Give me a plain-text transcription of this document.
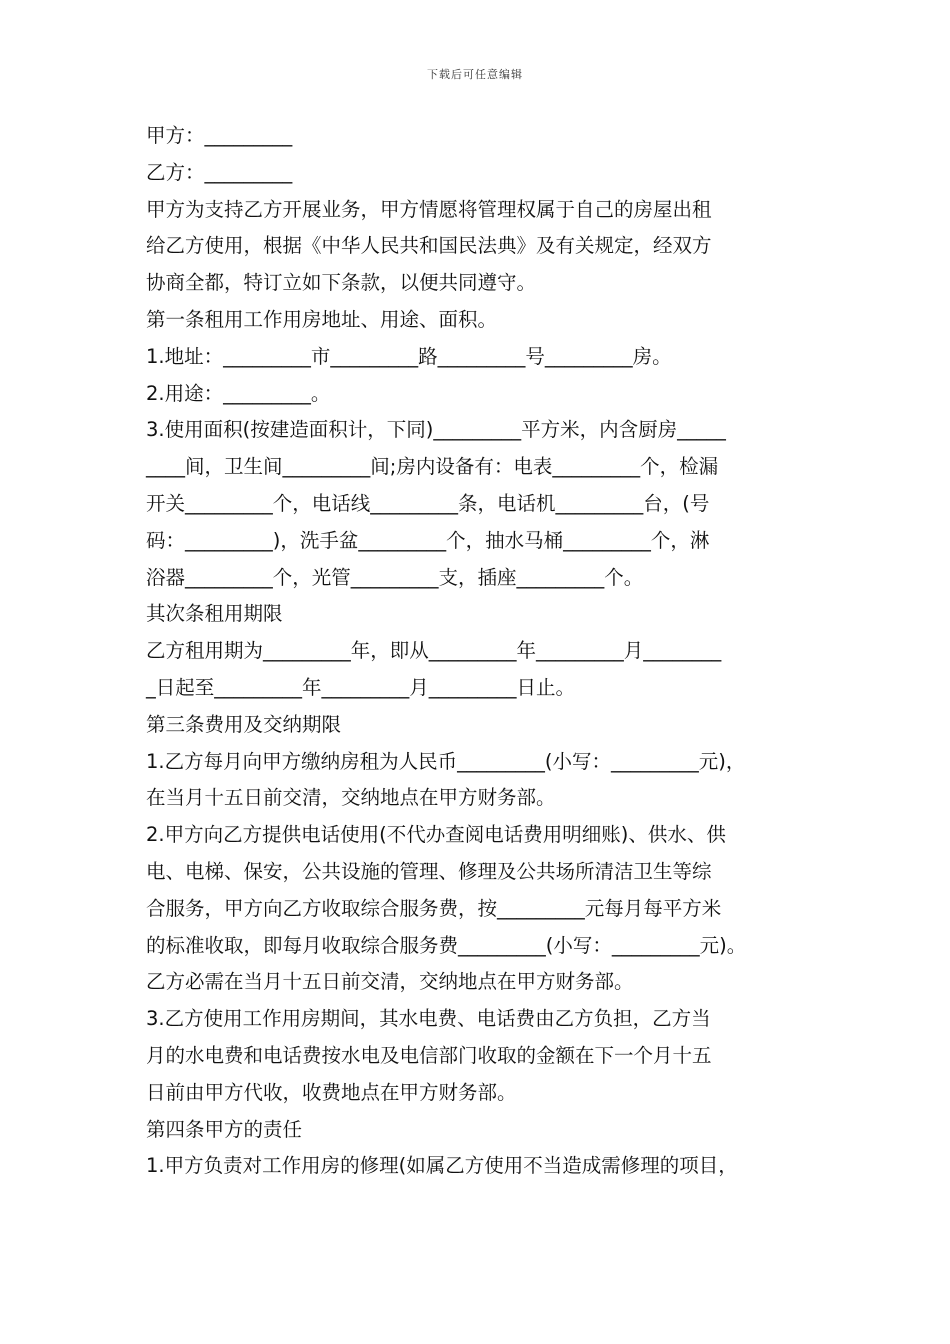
下载后可任意编辑
甲方：_________
乙方：_________
甲方为支持乙方开展业务，甲方情愿将管理权属于自己的房屋出租
给乙方使用，根据《中华人民共和国民法典》及有关规定，经双方
协商全都，特订立如下条款，以便共同遵守。
第一条租用工作用房地址、用途、面积。
1.地址：_________市_________路_________号_________房。
2.用途：_________。
3.使用面积(按建造面积计，下同)_________平方米，内含厨房_____
____间，卫生间_________间;房内设备有：电表_________个，检漏
开关_________个，电话线_________条，电话机_________台，(号
码：_________)，洗手盆_________个，抽水马桶_________个，淋
浴器_________个，光管_________支，插座_________个。
其次条租用期限
乙方租用期为_________年，即从_________年_________月________
_日起至_________年_________月_________日止。
第三条费用及交纳期限
1.乙方每月向甲方缴纳房租为人民币_________(小写：_________元)，
在当月十五日前交清，交纳地点在甲方财务部。
2.甲方向乙方提供电话使用(不代办查阅电话费用明细账)、供水、供
电、电梯、保安，公共设施的管理、修理及公共场所清洁卫生等综
合服务，甲方向乙方收取综合服务费，按_________元每月每平方米
的标准收取，即每月收取综合服务费_________(小写：_________元)。
乙方必需在当月十五日前交清，交纳地点在甲方财务部。
3.乙方使用工作用房期间，其水电费、电话费由乙方负担，乙方当
月的水电费和电话费按水电及电信部门收取的金额在下一个月十五
日前由甲方代收，收费地点在甲方财务部。
第四条甲方的责任
1.甲方负责对工作用房的修理(如属乙方使用不当造成需修理的项目，
